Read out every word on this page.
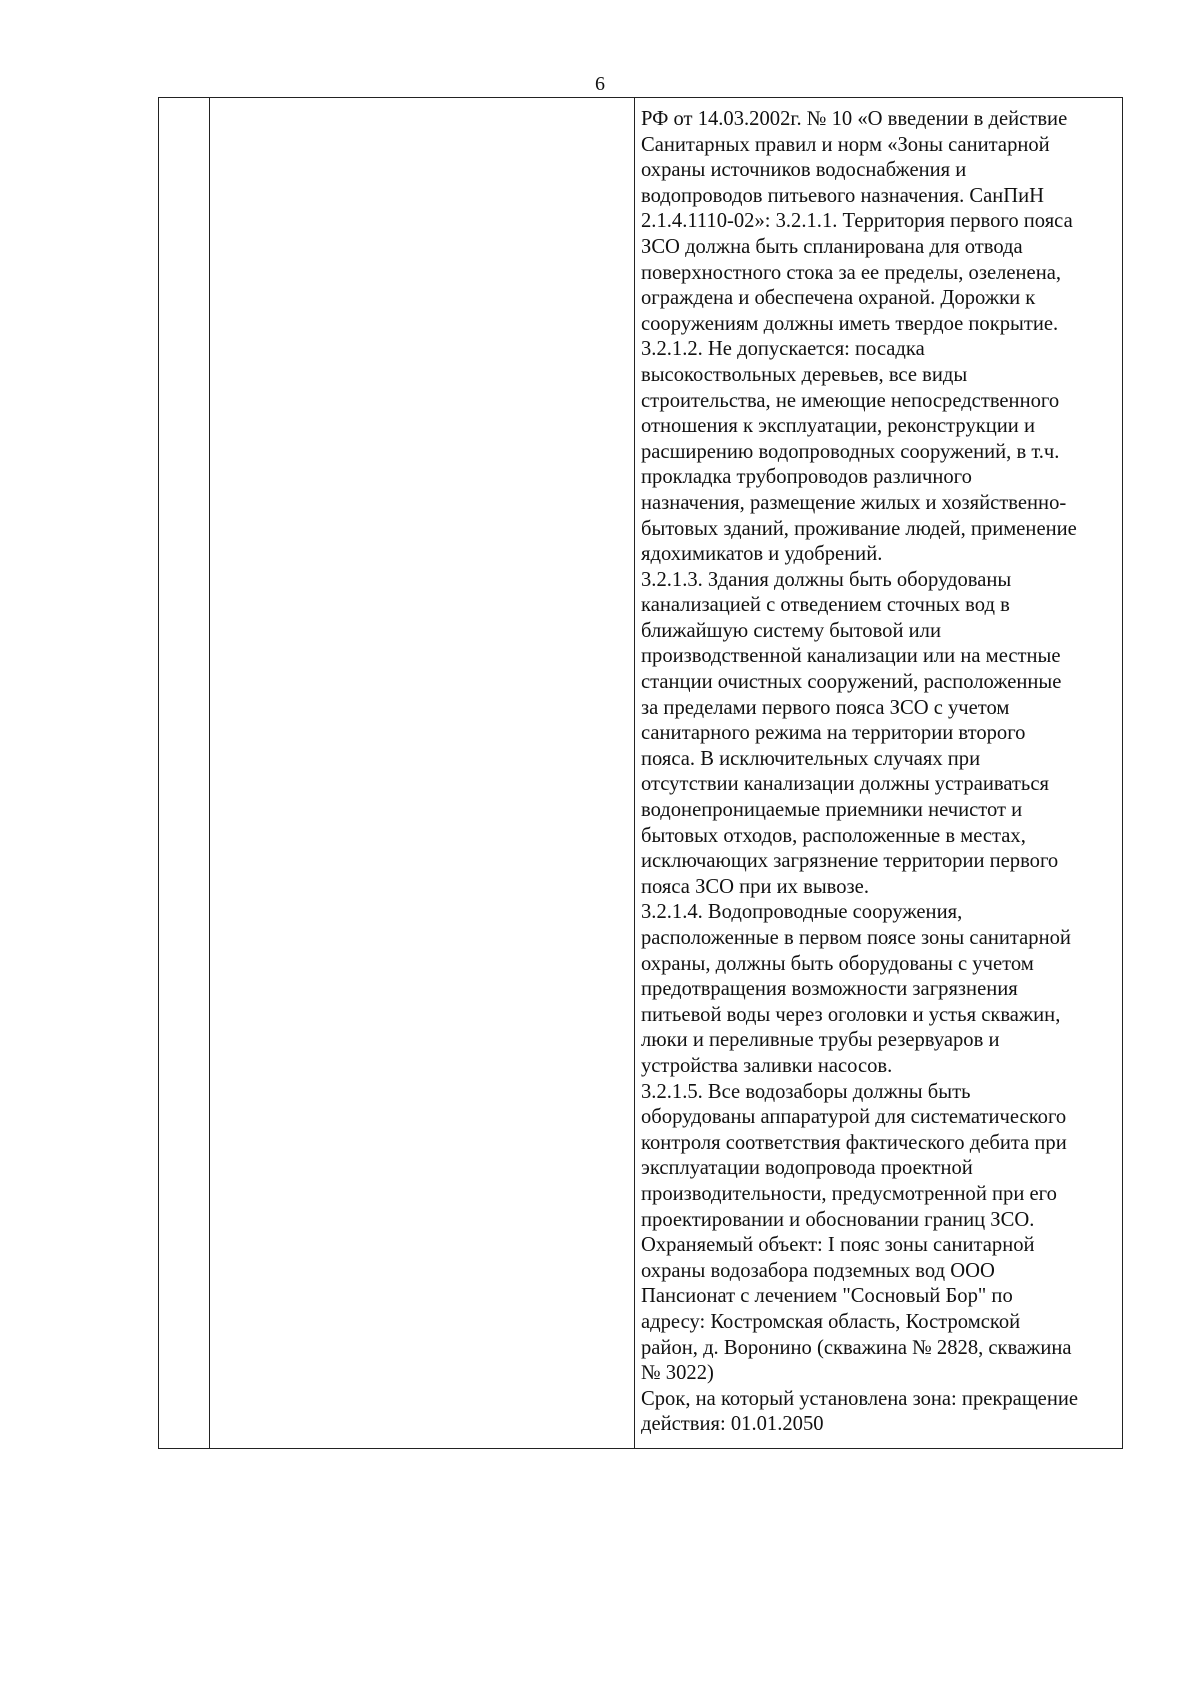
6

РФ от 14.03.2002г. № 10 «О введении в действие

Санитарных правил и норм «Зоны санитарной

охраны источников водоснабжения и

водопроводов питьевого назначения. СанПиН

2.1.4.1110-02»: 3.2.1.1. Территория первого пояса

ЗСО должна быть спланирована для отвода

поверхностного стока за ее пределы, озеленена,

ограждена и обеспечена охраной. Дорожки к

сооружениям должны иметь твердое покрытие.

3.2.1.2. Не допускается: посадка

высокоствольных деревьев, все виды

строительства, не имеющие непосредственного

отношения к эксплуатации, реконструкции и

расширению водопроводных сооружений, в т.ч.

прокладка трубопроводов различного

назначения, размещение жилых и хозяйственно-

бытовых зданий, проживание людей, применение

ядохимикатов и удобрений.

3.2.1.3. Здания должны быть оборудованы

канализацией с отведением сточных вод в

ближайшую систему бытовой или

производственной канализации или на местные

станции очистных сооружений, расположенные

за пределами первого пояса ЗСО с учетом

санитарного режима на территории второго

пояса. В исключительных случаях при

отсутствии канализации должны устраиваться

водонепроницаемые приемники нечистот и

бытовых отходов, расположенные в местах,

исключающих загрязнение территории первого

пояса ЗСО при их вывозе.

3.2.1.4. Водопроводные сооружения,

расположенные в первом поясе зоны санитарной

охраны, должны быть оборудованы с учетом

предотвращения возможности загрязнения

питьевой воды через оголовки и устья скважин,

люки и переливные трубы резервуаров и

устройства заливки насосов.

3.2.1.5. Все водозаборы должны быть

оборудованы аппаратурой для систематического

контроля соответствия фактического дебита при

эксплуатации водопровода проектной

производительности, предусмотренной при его

проектировании и обосновании границ ЗСО.

Охраняемый объект: I пояс зоны санитарной

охраны водозабора подземных вод ООО

Пансионат с лечением "Сосновый Бор" по

адресу: Костромская область, Костромской

район, д. Воронино (скважина № 2828, скважина

№ 3022)

Срок, на который установлена зона: прекращение

действия: 01.01.2050
